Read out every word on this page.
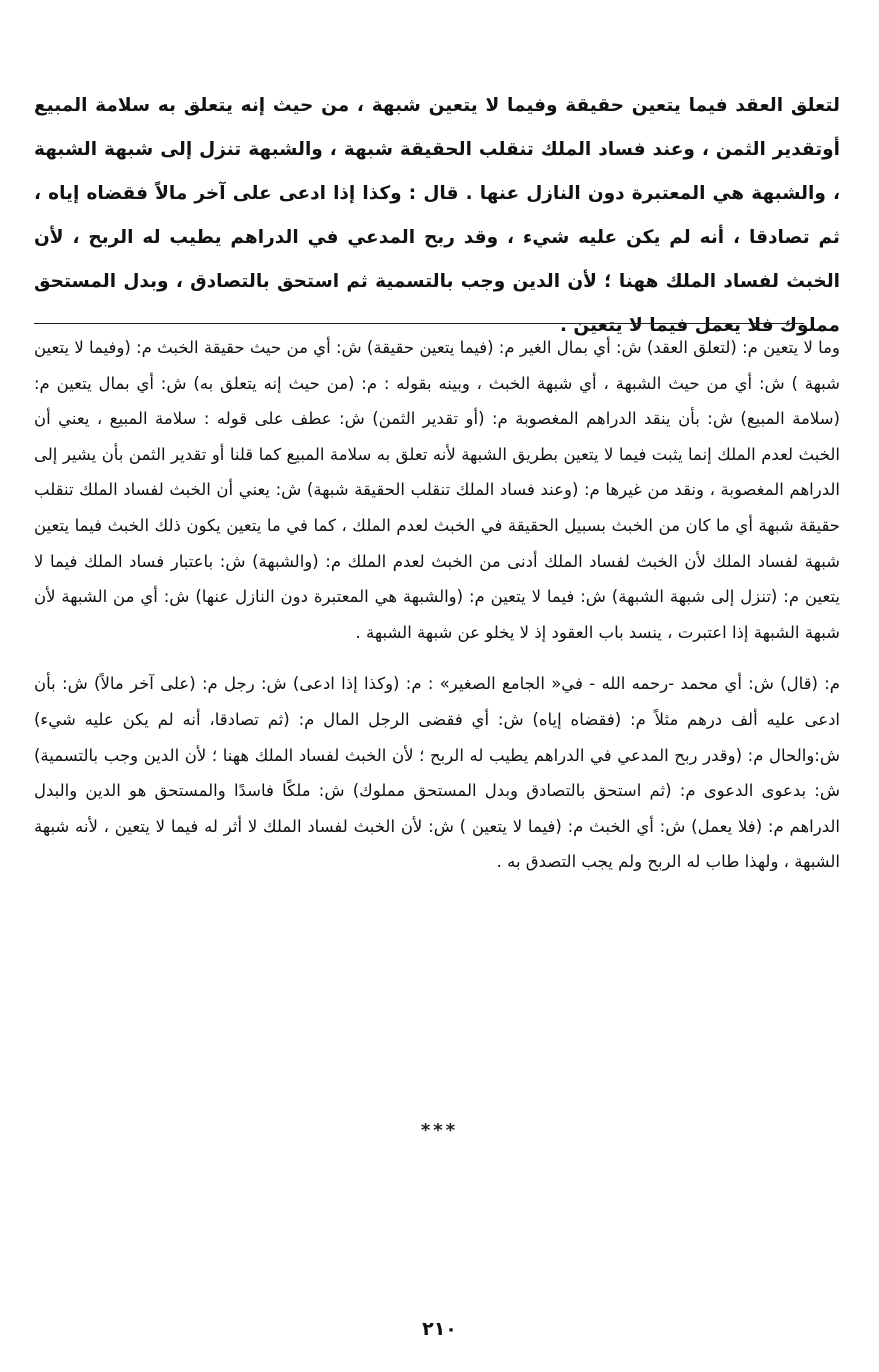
لتعلق العقد فيما يتعين حقيقة وفيما لا يتعين شبهة ، من حيث إنه يتعلق به سلامة المبيع أوتقدير الثمن ، وعند فساد الملك تنقلب الحقيقة شبهة ، والشبهة تنزل إلى شبهة الشبهة ، والشبهة هي المعتبرة دون النازل عنها . قال : وكذا إذا ادعى على آخر مالاً فقضاه إياه ، ثم تصادقا ، أنه لم يكن عليه شيء ، وقد ربح المدعي في الدراهم يطيب له الربح ، لأن الخبث لفساد الملك ههنا ؛ لأن الدين وجب بالتسمية ثم استحق بالتصادق ، وبدل المستحق مملوك فلا يعمل فيما لا يتعين .

وما لا يتعين م: (لتعلق العقد) ش: أي بمال الغير م: (فيما يتعين حقيقة) ش: أي من حيث حقيقة الخبث م: (وفيما لا يتعين شبهة ) ش: أي من حيث الشبهة ، أي شبهة الخبث ، وبينه بقوله : م: (من حيث إنه يتعلق به) ش: أي بمال يتعين م: (سلامة المبيع) ش: بأن ينقد الدراهم المغصوبة م: (أو تقدير الثمن) ش: عطف على قوله : سلامة المبيع ، يعني أن الخبث لعدم الملك إنما يثبت فيما لا يتعين بطريق الشبهة لأنه تعلق به سلامة المبيع كما قلنا أو تقدير الثمن بأن يشير إلى الدراهم المغصوبة ، ونقد من غيرها م: (وعند فساد الملك تنقلب الحقيقة شبهة) ش: يعني أن الخبث لفساد الملك تنقلب حقيقة شبهة أي ما كان من الخبث بسبيل الحقيقة في الخبث لعدم الملك ، كما في ما يتعين يكون ذلك الخبث فيما يتعين شبهة لفساد الملك لأن الخبث لفساد الملك أدنى من الخبث لعدم الملك م: (والشبهة) ش: باعتبار فساد الملك فيما لا يتعين م: (تنزل إلى شبهة الشبهة) ش: فيما لا يتعين م: (والشبهة هي المعتبرة دون النازل عنها) ش: أي من الشبهة لأن شبهة الشبهة إذا اعتبرت ، ينسد باب العقود إذ لا يخلو عن شبهة الشبهة .

م: (قال) ش: أي محمد -رحمه الله - في« الجامع الصغير» : م: (وكذا إذا ادعى) ش: رجل م: (على آخر مالاً) ش: بأن ادعى عليه ألف درهم مثلاً م: (فقضاه إياه) ش: أي فقضى الرجل المال م: (ثم تصادقا، أنه لم يكن عليه شيء) ش:والحال م: (وقدر ربح المدعي في الدراهم يطيب له الربح ؛ لأن الخبث لفساد الملك ههنا ؛ لأن الدين وجب بالتسمية) ش: بدعوى الدعوى م: (ثم استحق بالتصادق وبدل المستحق مملوك) ش: ملكًا فاسدًا والمستحق هو الدين والبدل الدراهم م: (فلا يعمل) ش: أي الخبث م: (فيما لا يتعين ) ش: لأن الخبث لفساد الملك لا أثر له فيما لا يتعين ، لأنه شبهة الشبهة ، ولهذا طاب له الربح ولم يجب التصدق به .

***
٢١٠
